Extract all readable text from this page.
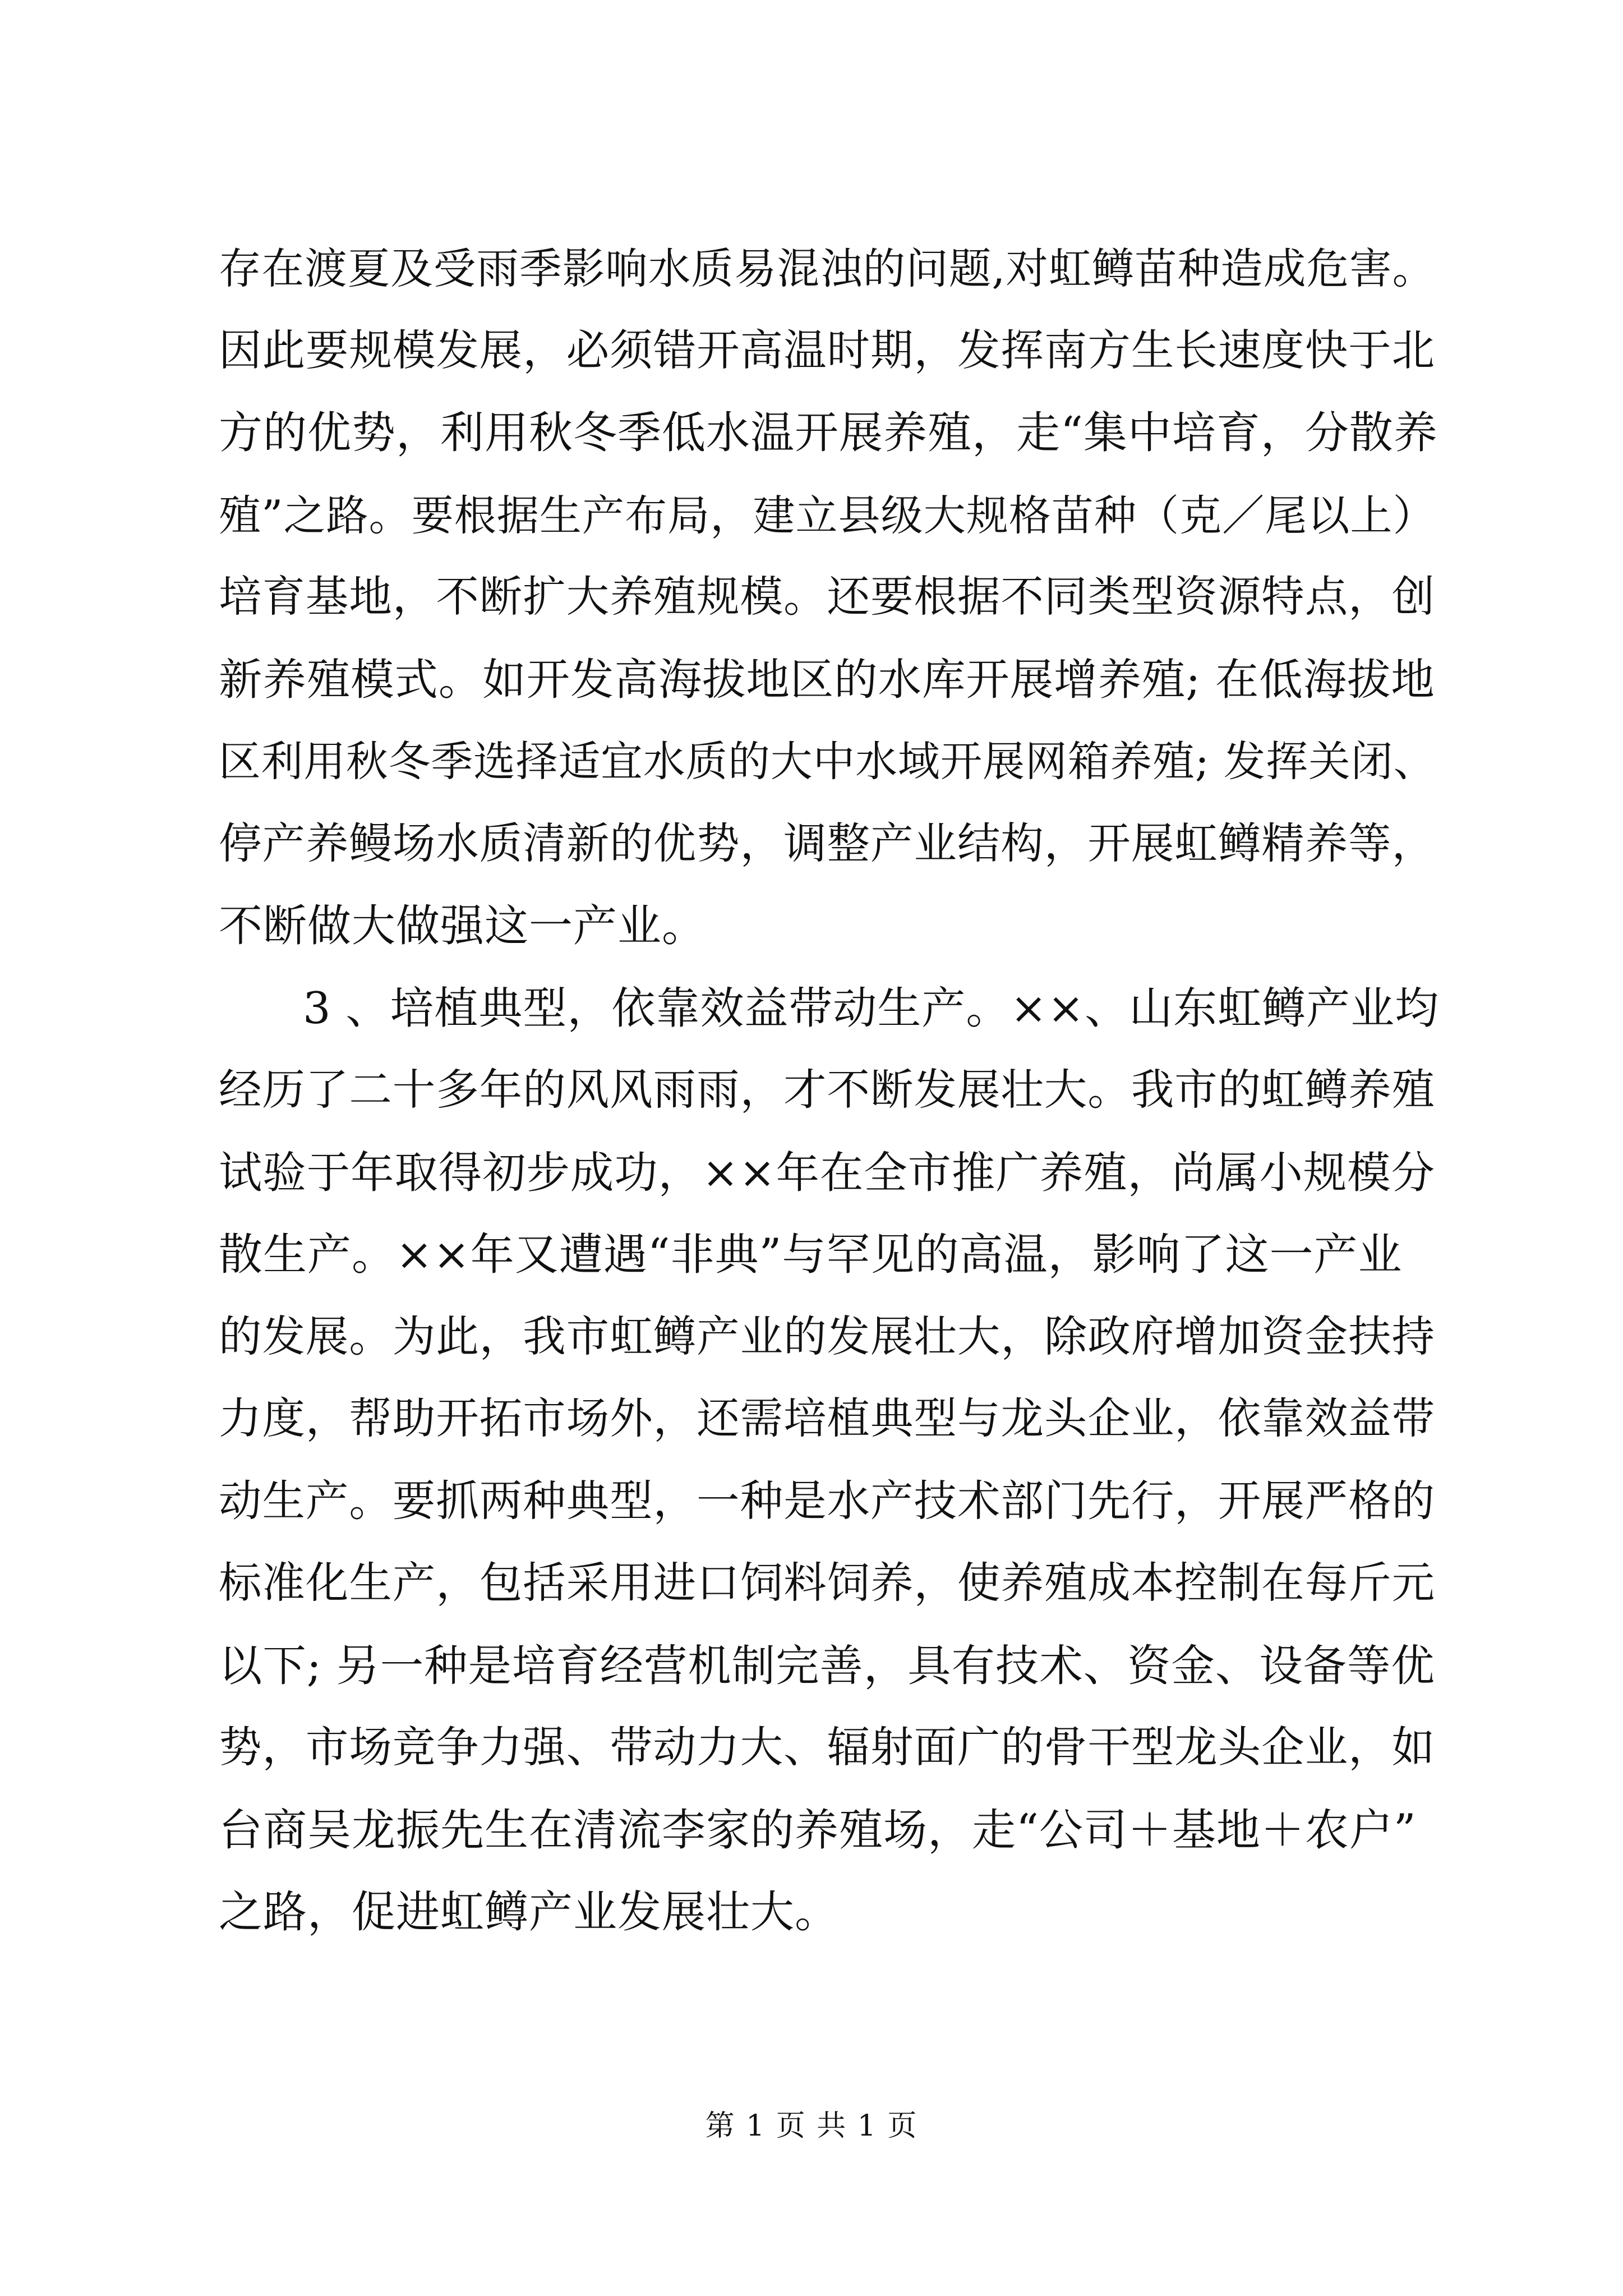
存在渡夏及受雨季影响水质易混浊的问题,对虹鳟苗种造成危害。
因此要规模发展，必须错开高温时期，发挥南方生长速度快于北
方的优势，利用秋冬季低水温开展养殖，走“集中培育，分散养
殖”之路。要根据生产布局，建立县级大规格苗种（克／尾以上）
培育基地，不断扩大养殖规模。还要根据不同类型资源特点，创
新养殖模式。如开发高海拔地区的水库开展增养殖; 在低海拔地
区利用秋冬季选择适宜水质的大中水域开展网箱养殖; 发挥关闭、
停产养鳗场水质清新的优势，调整产业结构，开展虹鳟精养等，
不断做大做强这一产业。
3 、培植典型，依靠效益带动生产。××、山东虹鳟产业均
经历了二十多年的风风雨雨，才不断发展壮大。我市的虹鳟养殖
试验于年取得初步成功，××年在全市推广养殖，尚属小规模分
散生产。××年又遭遇“非典”与罕见的高温，影响了这一产业
的发展。为此，我市虹鳟产业的发展壮大，除政府增加资金扶持
力度，帮助开拓市场外，还需培植典型与龙头企业，依靠效益带
动生产。要抓两种典型，一种是水产技术部门先行，开展严格的
标准化生产，包括采用进口饲料饲养，使养殖成本控制在每斤元
以下; 另一种是培育经营机制完善，具有技术、资金、设备等优
势，市场竞争力强、带动力大、辐射面广的骨干型龙头企业，如
台商吴龙振先生在清流李家的养殖场，走“公司＋基地＋农户”
之路，促进虹鳟产业发展壮大。
第 1 页 共 1 页
